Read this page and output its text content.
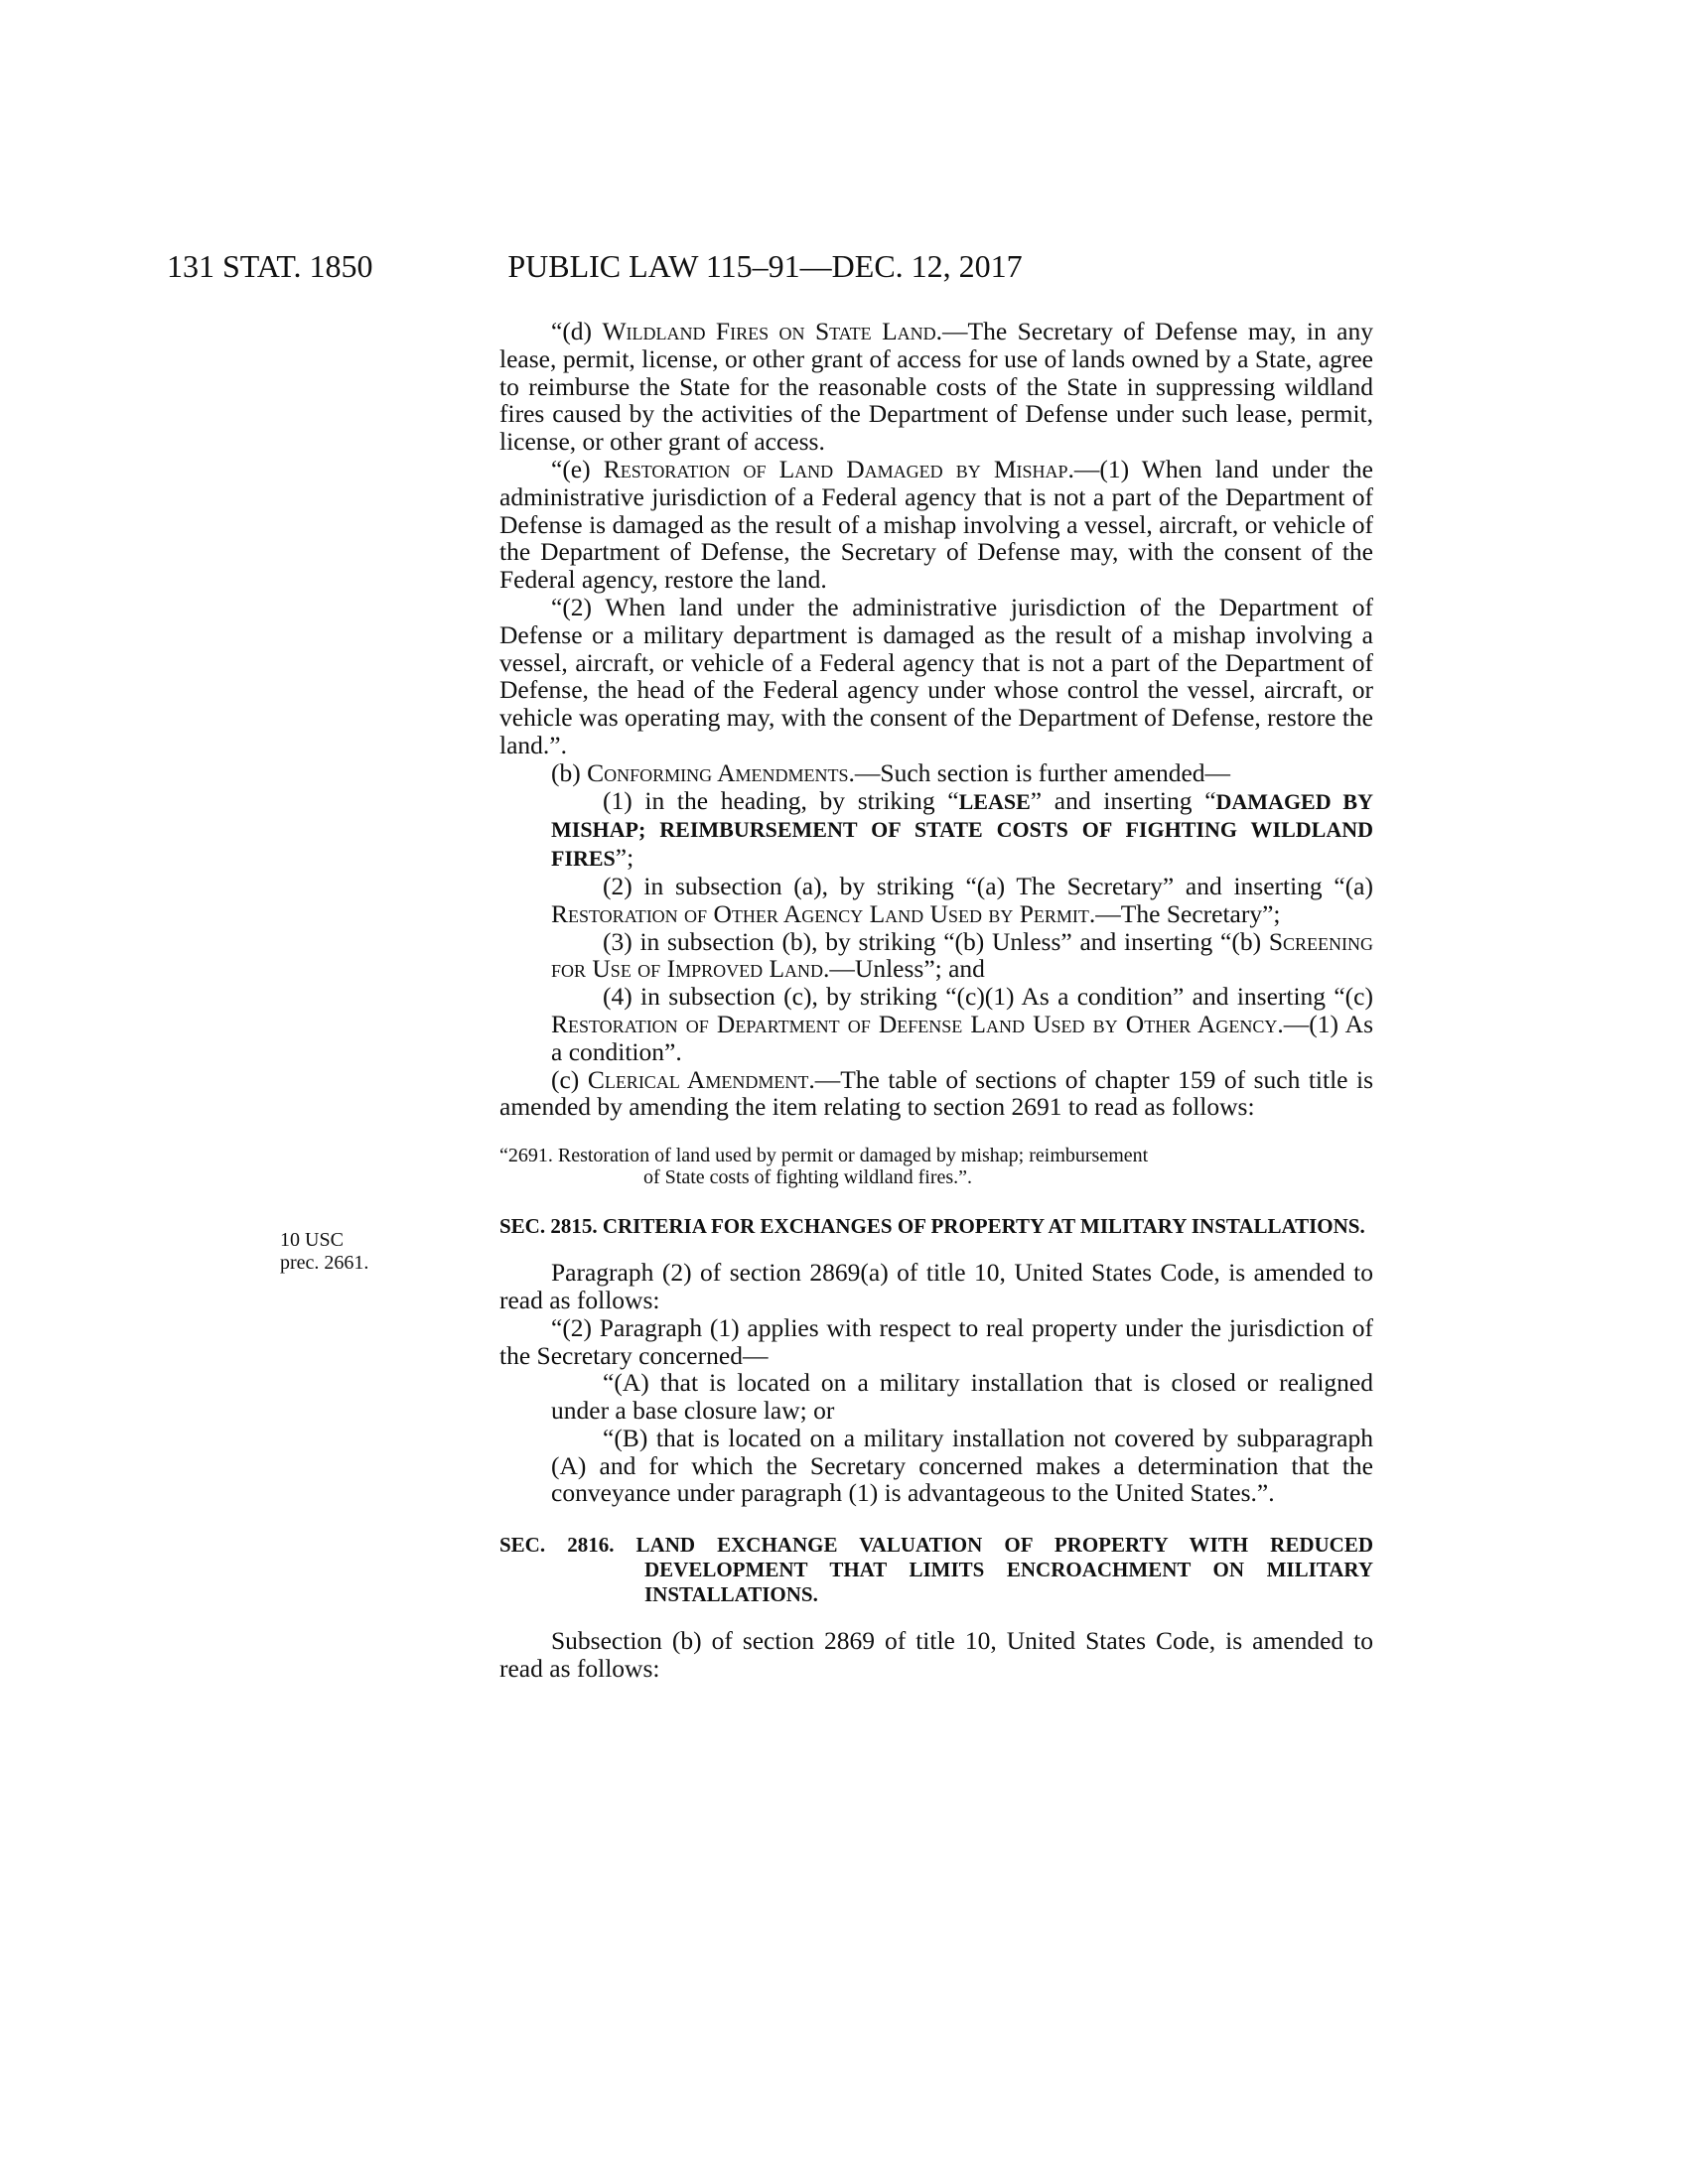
131 STAT. 1850	PUBLIC LAW 115–91—DEC. 12, 2017
10 USC
prec. 2661.

“(d) Wildland Fires on State Land.—The Secretary of Defense may, in any lease, permit, license, or other grant of access for use of lands owned by a State, agree to reimburse the State for the reasonable costs of the State in suppressing wildland fires caused by the activities of the Department of Defense under such lease, permit, license, or other grant of access.

“(e) Restoration of Land Damaged by Mishap.—(1) When land under the administrative jurisdiction of a Federal agency that is not a part of the Department of Defense is damaged as the result of a mishap involving a vessel, aircraft, or vehicle of the Department of Defense, the Secretary of Defense may, with the consent of the Federal agency, restore the land.

“(2) When land under the administrative jurisdiction of the Department of Defense or a military department is damaged as the result of a mishap involving a vessel, aircraft, or vehicle of a Federal agency that is not a part of the Department of Defense, the head of the Federal agency under whose control the vessel, aircraft, or vehicle was operating may, with the consent of the Department of Defense, restore the land.”.

(b) Conforming Amendments.—Such section is further amended—

(1) in the heading, by striking “LEASE” and inserting “DAMAGED BY MISHAP; REIMBURSEMENT OF STATE COSTS OF FIGHTING WILDLAND FIRES”;

(2) in subsection (a), by striking “(a) The Secretary” and inserting “(a) Restoration of Other Agency Land Used by Permit.—The Secretary”;

(3) in subsection (b), by striking “(b) Unless” and inserting “(b) Screening for Use of Improved Land.—Unless”; and

(4) in subsection (c), by striking “(c)(1) As a condition” and inserting “(c) Restoration of Department of Defense Land Used by Other Agency.—(1) As a condition”.

(c) Clerical Amendment.—The table of sections of chapter 159 of such title is amended by amending the item relating to section 2691 to read as follows:

“2691. Restoration of land used by permit or damaged by mishap; reimbursement
of State costs of fighting wildland fires.”.
SEC. 2815. CRITERIA FOR EXCHANGES OF PROPERTY AT MILITARY INSTALLATIONS.

Paragraph (2) of section 2869(a) of title 10, United States Code, is amended to read as follows:

“(2) Paragraph (1) applies with respect to real property under the jurisdiction of the Secretary concerned—

“(A) that is located on a military installation that is closed or realigned under a base closure law; or

“(B) that is located on a military installation not covered by subparagraph (A) and for which the Secretary concerned makes a determination that the conveyance under paragraph (1) is advantageous to the United States.”.

SEC. 2816. LAND EXCHANGE VALUATION OF PROPERTY WITH REDUCED DEVELOPMENT THAT LIMITS ENCROACHMENT ON MILITARY INSTALLATIONS.

Subsection (b) of section 2869 of title 10, United States Code, is amended to read as follows:
